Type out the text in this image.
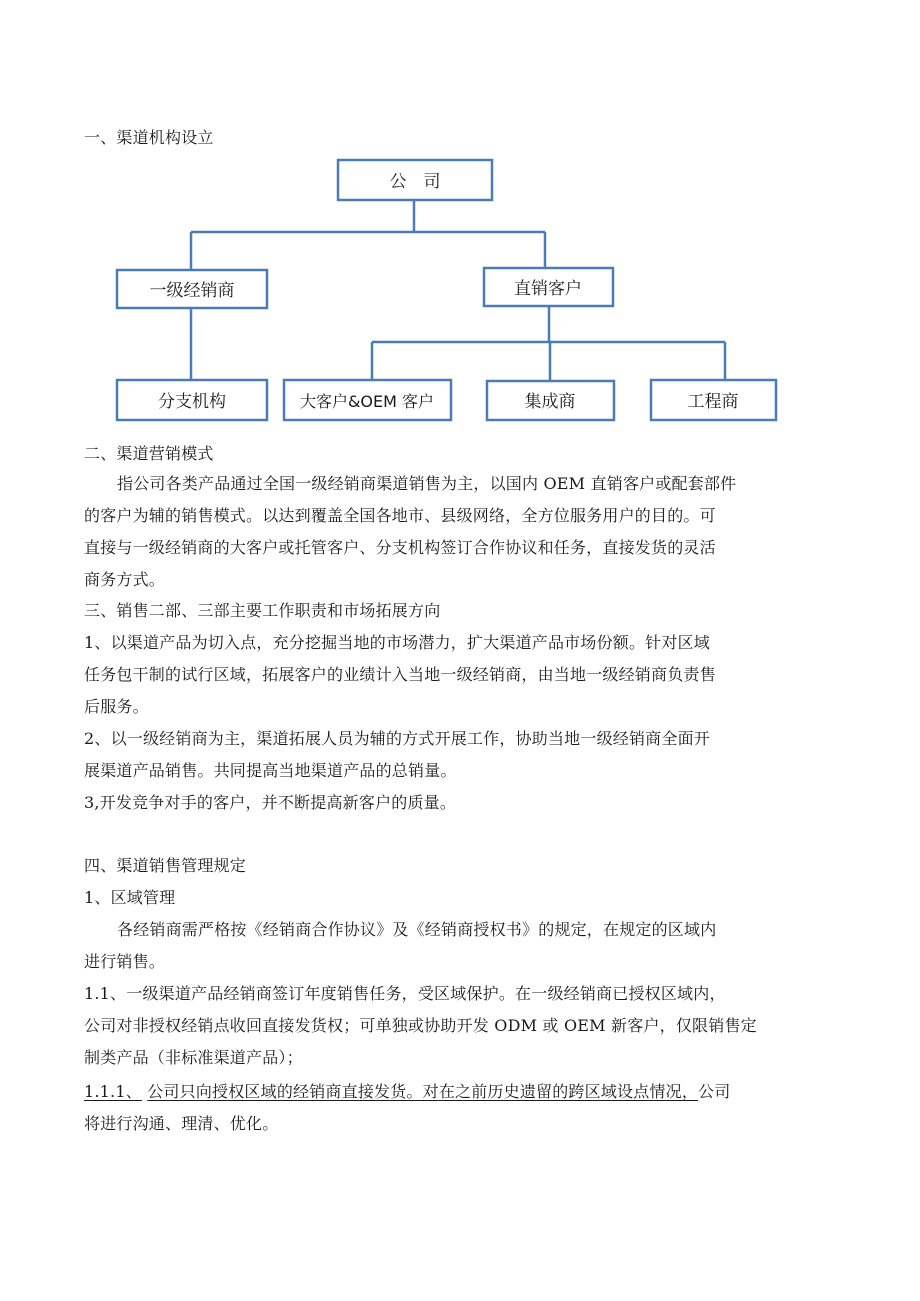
一、渠道机构设立
公　司
一级经销商	直销客户
分支机构	大客户&OEM 客户	集成商	工程商
二、渠道营销模式
指公司各类产品通过全国一级经销商渠道销售为主，以国内 OEM 直销客户或配套部件
的客户为辅的销售模式。以达到覆盖全国各地市、县级网络，全方位服务用户的目的。可
直接与一级经销商的大客户或托管客户、分支机构签订合作协议和任务，直接发货的灵活
商务方式。
三、销售二部、三部主要工作职责和市场拓展方向
1、以渠道产品为切入点，充分挖掘当地的市场潜力，扩大渠道产品市场份额。针对区域
任务包干制的试行区域，拓展客户的业绩计入当地一级经销商，由当地一级经销商负责售
后服务。
2、以一级经销商为主，渠道拓展人员为辅的方式开展工作，协助当地一级经销商全面开
展渠道产品销售。共同提高当地渠道产品的总销量。
3,开发竞争对手的客户，并不断提高新客户的质量。
四、渠道销售管理规定
1、区域管理
各经销商需严格按《经销商合作协议》及《经销商授权书》的规定，在规定的区域内
进行销售。
1.1、一级渠道产品经销商签订年度销售任务，受区域保护。在一级经销商已授权区域内，
公司对非授权经销点收回直接发货权；可单独或协助开发 ODM 或 OEM 新客户，仅限销售定
制类产品（非标准渠道产品）；
1.1.1、 公司只向授权区域的经销商直接发货。对在之前历史遗留的跨区域设点情况，公司
将进行沟通、理清、优化。
